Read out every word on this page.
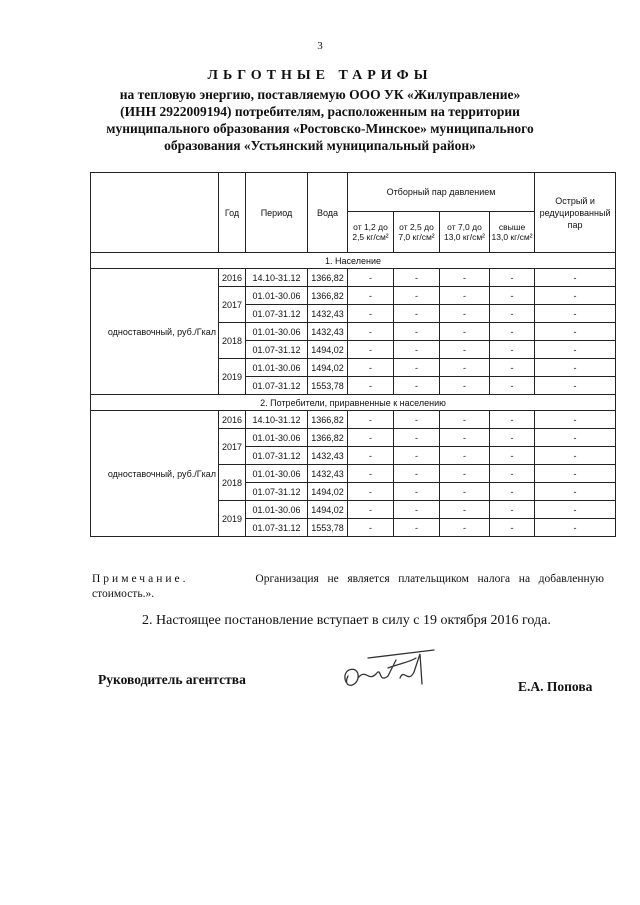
3
ЛЬГОТНЫЕ ТАРИФЫ
на тепловую энергию, поставляемую ООО УК «Жилуправление»
(ИНН 2922009194) потребителям, расположенным на территории
муниципального образования «Ростовско-Минское» муниципального
образования «Устьянский муниципальный район»
	Год	Период	Вода	Отборный пар давлением				Острый и редуцированный пар
				от 1,2 до 2,5 кг/см²	от 2,5 до 7,0 кг/см²	от 7,0 до 13,0 кг/см²	свыше 13,0 кг/см²	
1. Население								
одноставочный, руб./Гкал	2016	14.10-31.12	1366,82	-	-	-	-	-
	2017	01.01-30.06	1366,82	-	-	-	-	-
		01.07-31.12	1432,43	-	-	-	-	-
	2018	01.01-30.06	1432,43	-	-	-	-	-
		01.07-31.12	1494,02	-	-	-	-	-
	2019	01.01-30.06	1494,02	-	-	-	-	-
		01.07-31.12	1553,78	-	-	-	-	-
2. Потребители, приравненные к населению								
одноставочный, руб./Гкал	2016	14.10-31.12	1366,82	-	-	-	-	-
	2017	01.01-30.06	1366,82	-	-	-	-	-
		01.07-31.12	1432,43	-	-	-	-	-
	2018	01.01-30.06	1432,43	-	-	-	-	-
		01.07-31.12	1494,02	-	-	-	-	-
	2019	01.01-30.06	1494,02	-	-	-	-	-
		01.07-31.12	1553,78	-	-	-	-	-
Примечание.	Организация   не   является   плательщиком   налога   на   добавленную
стоимость.».
2. Настоящее постановление вступает в силу с 19 октября 2016 года.
Руководитель агентства	Е.А. Попова
